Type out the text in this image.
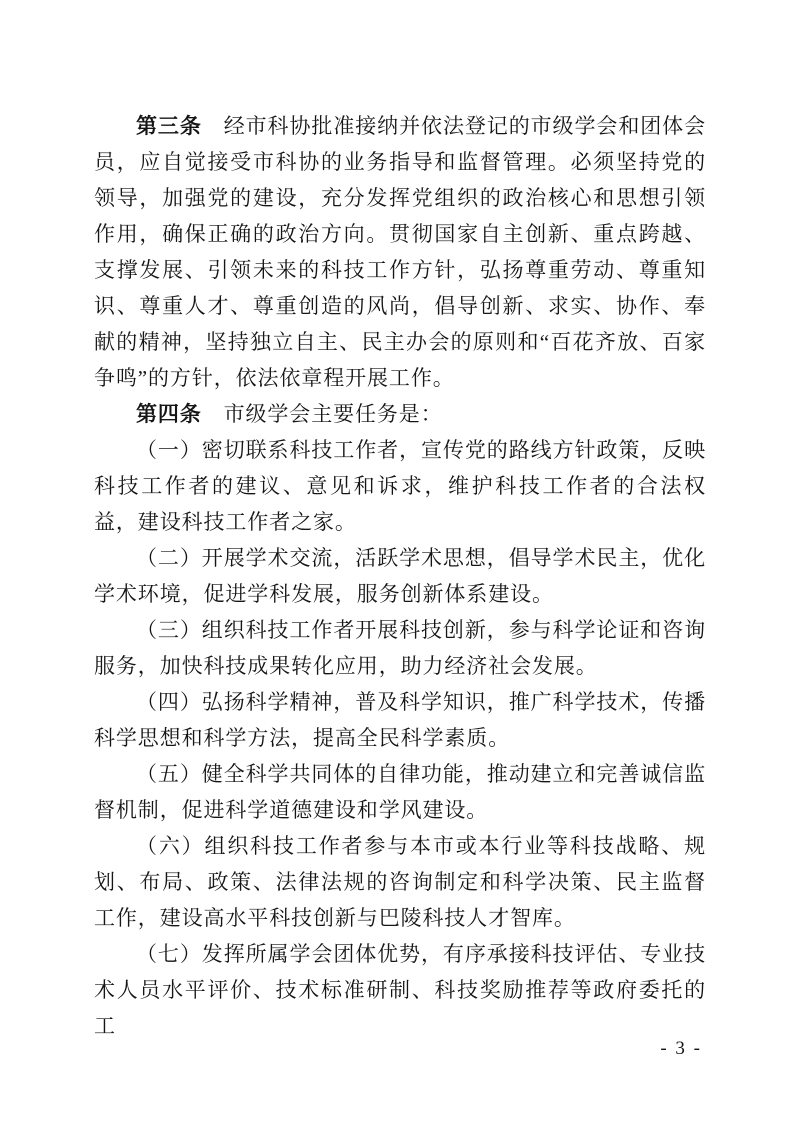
第三条　经市科协批准接纳并依法登记的市级学会和团体会员，应自觉接受市科协的业务指导和监督管理。必须坚持党的领导，加强党的建设，充分发挥党组织的政治核心和思想引领作用，确保正确的政治方向。贯彻国家自主创新、重点跨越、支撑发展、引领未来的科技工作方针，弘扬尊重劳动、尊重知识、尊重人才、尊重创造的风尚，倡导创新、求实、协作、奉献的精神，坚持独立自主、民主办会的原则和“百花齐放、百家争鸣”的方针，依法依章程开展工作。

第四条　市级学会主要任务是：

（一）密切联系科技工作者，宣传党的路线方针政策，反映科技工作者的建议、意见和诉求，维护科技工作者的合法权益，建设科技工作者之家。

（二）开展学术交流，活跃学术思想，倡导学术民主，优化学术环境，促进学科发展，服务创新体系建设。

（三）组织科技工作者开展科技创新，参与科学论证和咨询服务，加快科技成果转化应用，助力经济社会发展。

（四）弘扬科学精神，普及科学知识，推广科学技术，传播科学思想和科学方法，提高全民科学素质。

（五）健全科学共同体的自律功能，推动建立和完善诚信监督机制，促进科学道德建设和学风建设。

（六）组织科技工作者参与本市或本行业等科技战略、规划、布局、政策、法律法规的咨询制定和科学决策、民主监督工作，建设高水平科技创新与巴陵科技人才智库。

（七）发挥所属学会团体优势，有序承接科技评估、专业技术人员水平评价、技术标准研制、科技奖励推荐等政府委托的工

- 3 -
